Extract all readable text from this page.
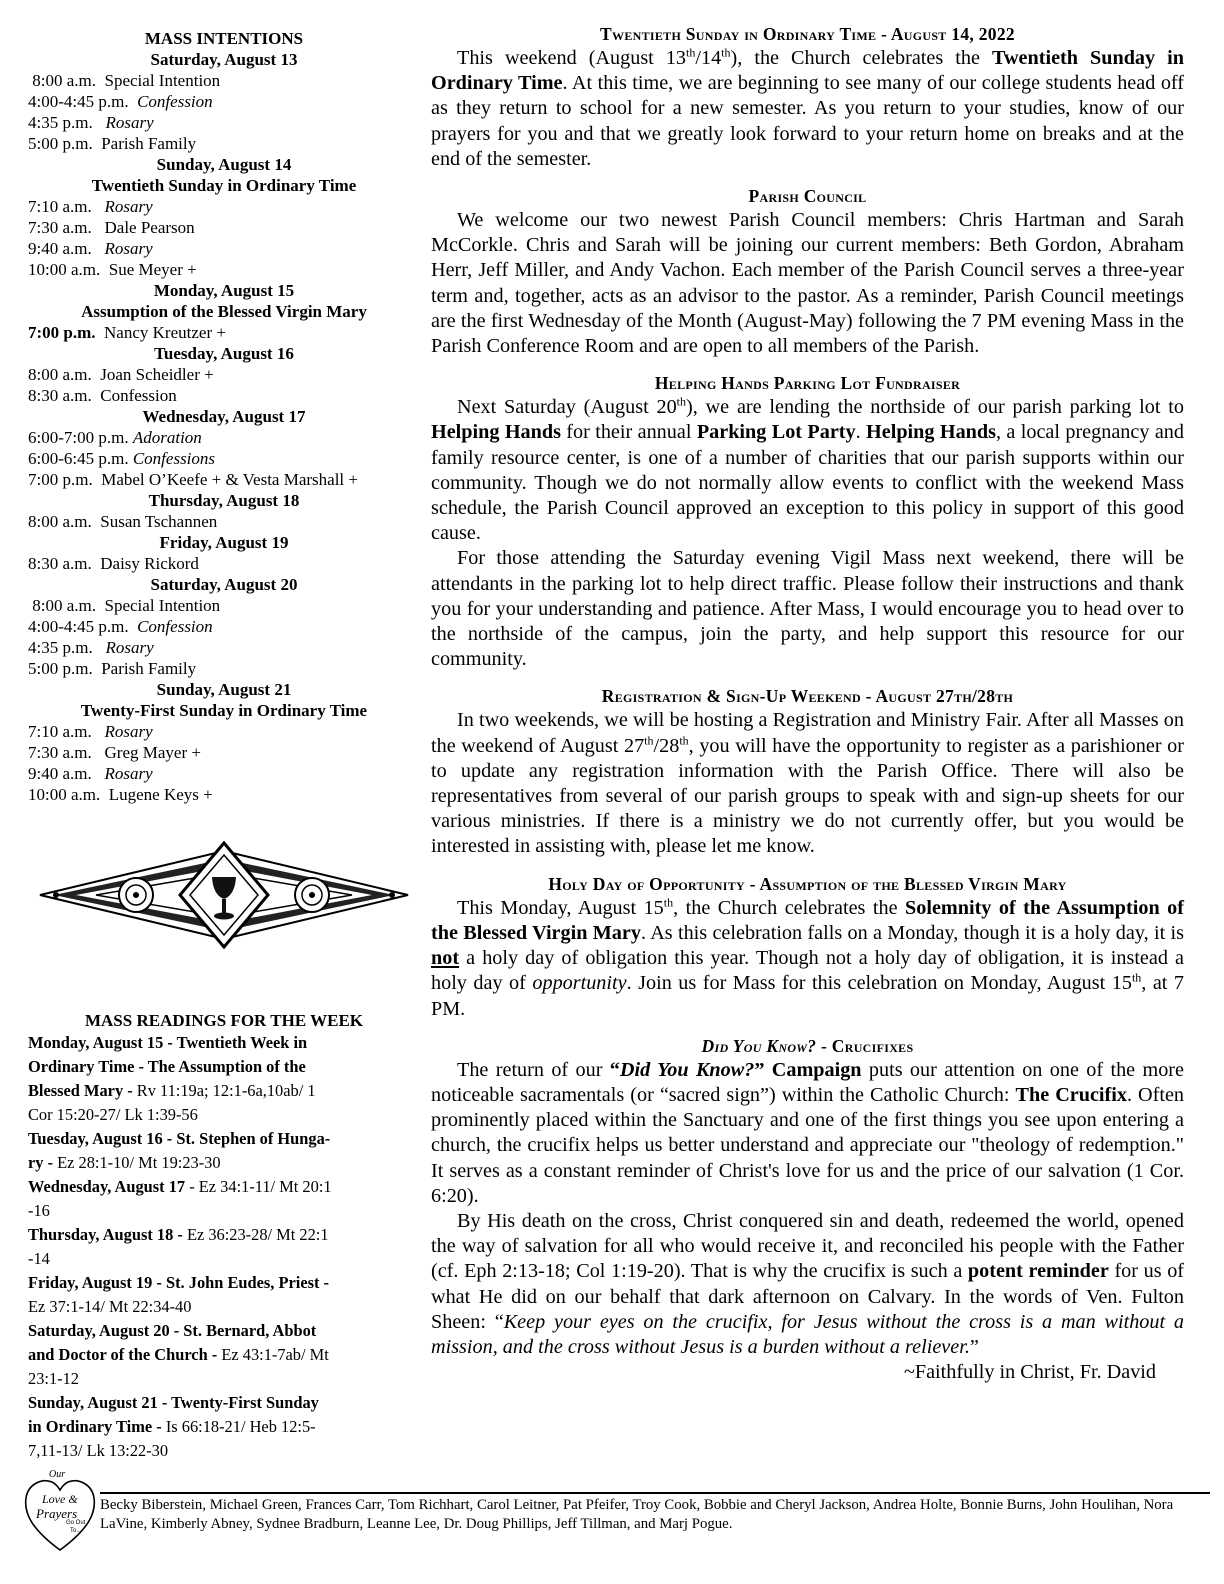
MASS INTENTIONS
Saturday, August 13
8:00 a.m.  Special Intention
4:00-4:45 p.m.  Confession
4:35 p.m.   Rosary
5:00 p.m.  Parish Family
Sunday, August 14
Twentieth Sunday in Ordinary Time
7:10 a.m.   Rosary
7:30 a.m.   Dale Pearson
9:40 a.m.   Rosary
10:00 a.m.  Sue Meyer +
Monday, August 15
Assumption of the Blessed Virgin Mary
7:00 p.m.  Nancy Kreutzer +
Tuesday, August 16
8:00 a.m.  Joan Scheidler +
8:30 a.m.  Confession
Wednesday, August 17
6:00-7:00 p.m. Adoration
6:00-6:45 p.m. Confessions
7:00 p.m.  Mabel O’Keefe + & Vesta Marshall +
Thursday, August 18
8:00 a.m.  Susan Tschannen
Friday, August 19
8:30 a.m.  Daisy Rickord
Saturday, August 20
8:00 a.m.  Special Intention
4:00-4:45 p.m.  Confession
4:35 p.m.   Rosary
5:00 p.m.  Parish Family
Sunday, August 21
Twenty-First Sunday in Ordinary Time
7:10 a.m.   Rosary
7:30 a.m.   Greg Mayer +
9:40 a.m.   Rosary
10:00 a.m.  Lugene Keys +
MASS READINGS FOR THE WEEK
Monday, August 15 - Twentieth Week in
Ordinary Time - The Assumption of the
Blessed Mary - Rv 11:19a; 12:1-6a,10ab/ 1
Cor 15:20-27/ Lk 1:39-56
Tuesday, August 16 - St. Stephen of Hunga-
ry - Ez 28:1-10/ Mt 19:23-30
Wednesday, August 17 - Ez 34:1-11/ Mt 20:1
-16
Thursday, August 18 - Ez 36:23-28/ Mt 22:1
-14
Friday, August 19 - St. John Eudes, Priest -
Ez 37:1-14/ Mt 22:34-40
Saturday, August 20 - St. Bernard, Abbot
and Doctor of the Church - Ez 43:1-7ab/ Mt
23:1-12
Sunday, August 21 - Twenty-First Sunday
in Ordinary Time - Is 66:18-21/ Heb 12:5-
7,11-13/ Lk 13:22-30
Twentieth Sunday in Ordinary Time - August 14, 2022

This weekend (August 13th/14th), the Church celebrates the Twentieth Sunday in Ordinary Time. At this time, we are beginning to see many of our college students head off as they return to school for a new semester. As you return to your studies, know of our prayers for you and that we greatly look forward to your return home on breaks and at the end of the semester.

Parish Council

We welcome our two newest Parish Council members: Chris Hartman and Sarah McCorkle. Chris and Sarah will be joining our current members: Beth Gordon, Abraham Herr, Jeff Miller, and Andy Vachon. Each member of the Parish Council serves a three-year term and, together, acts as an advisor to the pastor. As a reminder, Parish Council meetings are the first Wednesday of the Month (August-May) following the 7 PM evening Mass in the Parish Conference Room and are open to all members of the Parish.

Helping Hands Parking Lot Fundraiser

Next Saturday (August 20th), we are lending the northside of our parish parking lot to Helping Hands for their annual Parking Lot Party. Helping Hands, a local pregnancy and family resource center, is one of a number of charities that our parish supports within our community. Though we do not normally allow events to conflict with the weekend Mass schedule, the Parish Council approved an exception to this policy in support of this good cause.

For those attending the Saturday evening Vigil Mass next weekend, there will be attendants in the parking lot to help direct traffic. Please follow their instructions and thank you for your understanding and patience. After Mass, I would encourage you to head over to the northside of the campus, join the party, and help support this resource for our community.

Registration & Sign-Up Weekend - August 27th/28th

In two weekends, we will be hosting a Registration and Ministry Fair. After all Masses on the weekend of August 27th/28th, you will have the opportunity to register as a parishioner or to update any registration information with the Parish Office. There will also be representatives from several of our parish groups to speak with and sign-up sheets for our various ministries. If there is a ministry we do not currently offer, but you would be interested in assisting with, please let me know.

Holy Day of Opportunity - Assumption of the Blessed Virgin Mary

This Monday, August 15th, the Church celebrates the Solemnity of the Assumption of the Blessed Virgin Mary. As this celebration falls on a Monday, though it is a holy day, it is not a holy day of obligation this year. Though not a holy day of obligation, it is instead a holy day of opportunity. Join us for Mass for this celebration on Monday, August 15th, at 7 PM.

Did You Know? - Crucifixes

The return of our “Did You Know?” Campaign puts our attention on one of the more noticeable sacramentals (or “sacred sign”) within the Catholic Church: The Crucifix. Often prominently placed within the Sanctuary and one of the first things you see upon entering a church, the crucifix helps us better understand and appreciate our "theology of redemption." It serves as a constant reminder of Christ's love for us and the price of our salvation (1 Cor. 6:20).

By His death on the cross, Christ conquered sin and death, redeemed the world, opened the way of salvation for all who would receive it, and reconciled his people with the Father (cf. Eph 2:13-18; Col 1:19-20). That is why the crucifix is such a potent reminder for us of what He did on our behalf that dark afternoon on Calvary. In the words of Ven. Fulton Sheen: “Keep your eyes on the crucifix, for Jesus without the cross is a man without a mission, and the cross without Jesus is a burden without a reliever.”

~Faithfully in Christ, Fr. David
Our
Love &
Prayers
Go Out
To...
Becky Biberstein, Michael Green, Frances Carr, Tom Richhart, Carol Leitner, Pat Pfeifer, Troy Cook, Bobbie and Cheryl Jackson, Andrea Holte, Bonnie Burns, John Houlihan, Nora LaVine, Kimberly Abney, Sydnee Bradburn, Leanne Lee, Dr. Doug Phillips, Jeff Tillman, and Marj Pogue.
